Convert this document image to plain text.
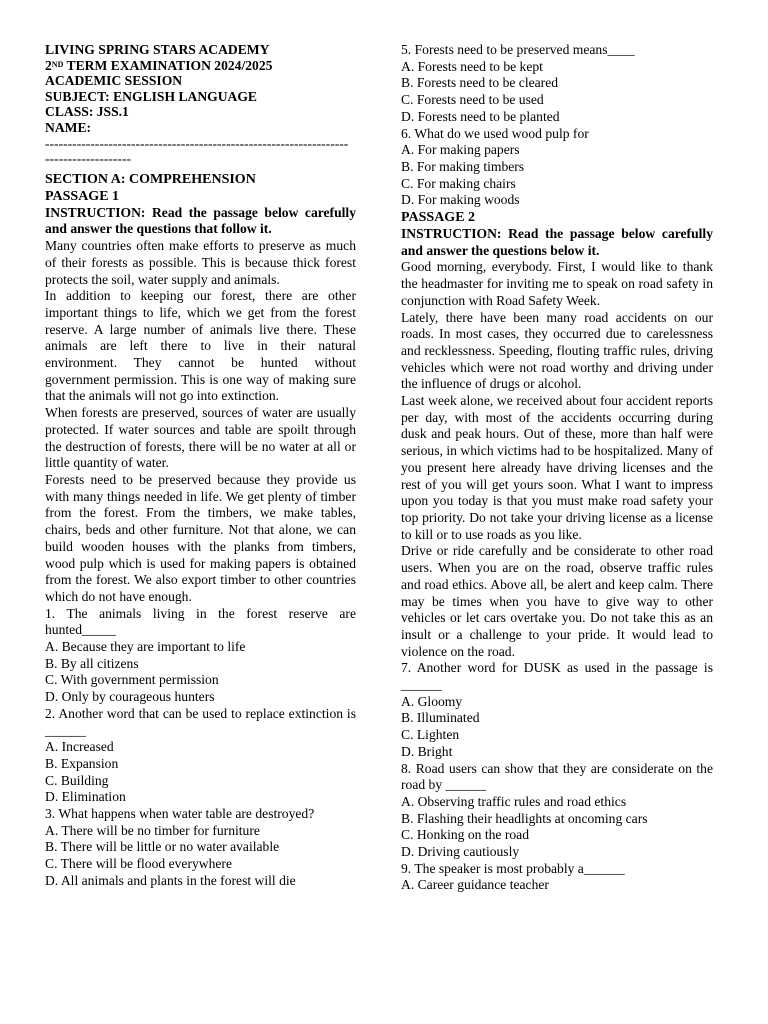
LIVING SPRING STARS ACADEMY

2ND TERM EXAMINATION 2024/2025

ACADEMIC SESSION

SUBJECT: ENGLISH LANGUAGE

CLASS: JSS.1

NAME:

-------------------------------------------------------------------

-------------------

SECTION A: COMPREHENSION

PASSAGE 1

INSTRUCTION: Read the passage below carefully and answer the questions that follow it.

Many countries often make efforts to preserve as much of their forests as possible. This is because thick forest protects the soil, water supply and animals.

In addition to keeping our forest, there are other important things to life, which we get from the forest reserve. A large number of animals live there. These animals are left there to live in their natural environment. They cannot be hunted without government permission. This is one way of making sure that the animals will not go into extinction.

When forests are preserved, sources of water are usually protected. If water sources and table are spoilt through the destruction of forests, there will be no water at all or little quantity of water.

Forests need to be preserved because they provide us with many things needed in life. We get plenty of timber from the forest. From the timbers, we make tables, chairs, beds and other furniture. Not that alone, we can build wooden houses with the planks from timbers, wood pulp which is used for making papers is obtained from the forest. We also export timber to other countries which do not have enough.

1. The animals living in the forest reserve are hunted_____

A. Because they are important to life

B. By all citizens

C. With government permission

D. Only by courageous hunters

2. Another word that can be used to replace extinction is ______

A. Increased

B. Expansion

C. Building

D. Elimination

3. What happens when water table are destroyed?

A. There will be no timber for furniture

B. There will be little or no water available

C. There will be flood everywhere

D. All animals and plants in the forest will die

5. Forests need to be preserved means____

A. Forests need to be kept

B. Forests need to be cleared

C. Forests need to be used

D. Forests need to be planted

6. What do we used wood pulp for

A. For making papers

B. For making timbers

C. For making chairs

D. For making woods

PASSAGE 2

INSTRUCTION: Read the passage below carefully and answer the questions below it.

Good morning, everybody. First, I would like to thank the headmaster for inviting me to speak on road safety in conjunction with Road Safety Week.

Lately, there have been many road accidents on our roads. In most cases, they occurred due to carelessness and recklessness. Speeding, flouting traffic rules, driving vehicles which were not road worthy and driving under the influence of drugs or alcohol.

Last week alone, we received about four accident reports per day, with most of the accidents occurring during dusk and peak hours. Out of these, more than half were serious, in which victims had to be hospitalized. Many of you present here already have driving licenses and the rest of you will get yours soon. What I want to impress upon you today is that you must make road safety your top priority. Do not take your driving license as a license to kill or to use roads as you like.

Drive or ride carefully and be considerate to other road users. When you are on the road, observe traffic rules and road ethics. Above all, be alert and keep calm. There may be times when you have to give way to other vehicles or let cars overtake you. Do not take this as an insult or a challenge to your pride. It would lead to violence on the road.

7. Another word for DUSK as used in the passage is ______

A. Gloomy

B. Illuminated

C. Lighten

D. Bright

8. Road users can show that they are considerate on the road by ______

A. Observing traffic rules and road ethics

B. Flashing their headlights at oncoming cars

C. Honking on the road

D. Driving cautiously

9. The speaker is most probably a______

A. Career guidance teacher
